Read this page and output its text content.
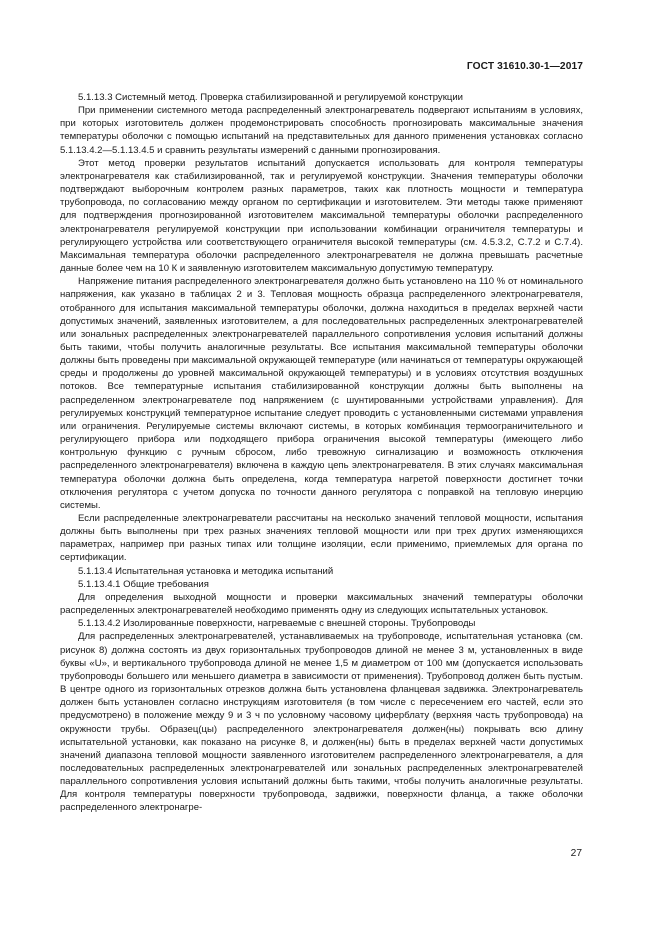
ГОСТ 31610.30-1—2017

5.1.13.3 Системный метод. Проверка стабилизированной и регулируемой конструкции

При применении системного метода распределенный электронагреватель подвергают испытаниям в условиях, при которых изготовитель должен продемонстрировать способность прогнозировать максимальные значения температуры оболочки с помощью испытаний на представительных для данного применения установках согласно 5.1.13.4.2—5.1.13.4.5 и сравнить результаты измерений с данными прогнозирования.

Этот метод проверки результатов испытаний допускается использовать для контроля температуры электронагревателя как стабилизированной, так и регулируемой конструкции. Значения температуры оболочки подтверждают выборочным контролем разных параметров, таких как плотность мощности и температура трубопровода, по согласованию между органом по сертификации и изготовителем. Эти методы также применяют для подтверждения прогнозированной изготовителем максимальной температуры оболочки распределенного электронагревателя регулируемой конструкции при использовании комбинации ограничителя температуры и регулирующего устройства или соответствующего ограничителя высокой температуры (см. 4.5.3.2, С.7.2 и С.7.4). Максимальная температура оболочки распределенного электронагревателя не должна превышать расчетные данные более чем на 10 К и заявленную изготовителем максимальную допустимую температуру.

Напряжение питания распределенного электронагревателя должно быть установлено на 110 % от номинального напряжения, как указано в таблицах 2 и 3. Тепловая мощность образца распределенного электронагревателя, отобранного для испытания максимальной температуры оболочки, должна находиться в пределах верхней части допустимых значений, заявленных изготовителем, а для последовательных распределенных электронагревателей или зональных распределенных электронагревателей параллельного сопротивления условия испытаний должны быть такими, чтобы получить аналогичные результаты. Все испытания максимальной температуры оболочки должны быть проведены при максимальной окружающей температуре (или начинаться от температуры окружающей среды и продолжены до уровней максимальной окружающей температуры) и в условиях отсутствия воздушных потоков. Все температурные испытания стабилизированной конструкции должны быть выполнены на распределенном электронагревателе под напряжением (с шунтированными устройствами управления). Для регулируемых конструкций температурное испытание следует проводить с установленными системами управления или ограничения. Регулируемые системы включают системы, в которых комбинация термоограничительного и регулирующего прибора или подходящего прибора ограничения высокой температуры (имеющего либо контрольную функцию с ручным сбросом, либо тревожную сигнализацию и возможность отключения распределенного электронагревателя) включена в каждую цепь электронагревателя. В этих случаях максимальная температура оболочки должна быть определена, когда температура нагретой поверхности достигнет точки отключения регулятора с учетом допуска по точности данного регулятора с поправкой на тепловую инерцию системы.

Если распределенные электронагреватели рассчитаны на несколько значений тепловой мощности, испытания должны быть выполнены при трех разных значениях тепловой мощности или при трех других изменяющихся параметрах, например при разных типах или толщине изоляции, если применимо, приемлемых для органа по сертификации.

5.1.13.4 Испытательная установка и методика испытаний

5.1.13.4.1 Общие требования

Для определения выходной мощности и проверки максимальных значений температуры оболочки распределенных электронагревателей необходимо применять одну из следующих испытательных установок.

5.1.13.4.2 Изолированные поверхности, нагреваемые с внешней стороны. Трубопроводы

Для распределенных электронагревателей, устанавливаемых на трубопроводе, испытательная установка (см. рисунок 8) должна состоять из двух горизонтальных трубопроводов длиной не менее 3 м, установленных в виде буквы «U», и вертикального трубопровода длиной не менее 1,5 м диаметром от 100 мм (допускается использовать трубопроводы большего или меньшего диаметра в зависимости от применения). Трубопровод должен быть пустым. В центре одного из горизонтальных отрезков должна быть установлена фланцевая задвижка. Электронагреватель должен быть установлен согласно инструкциям изготовителя (в том числе с пересечением его частей, если это предусмотрено) в положение между 9 и 3 ч по условному часовому циферблату (верхняя часть трубопровода) на окружности трубы. Образец(цы) распределенного электронагревателя должен(ны) покрывать всю длину испытательной установки, как показано на рисунке 8, и должен(ны) быть в пределах верхней части допустимых значений диапазона тепловой мощности заявленного изготовителем распределенного электронагревателя, а для последовательных распределенных электронагревателей или зональных распределенных электронагревателей параллельного сопротивления условия испытаний должны быть такими, чтобы получить аналогичные результаты. Для контроля температуры поверхности трубопровода, задвижки, поверхности фланца, а также оболочки распределенного электронагре-

27
